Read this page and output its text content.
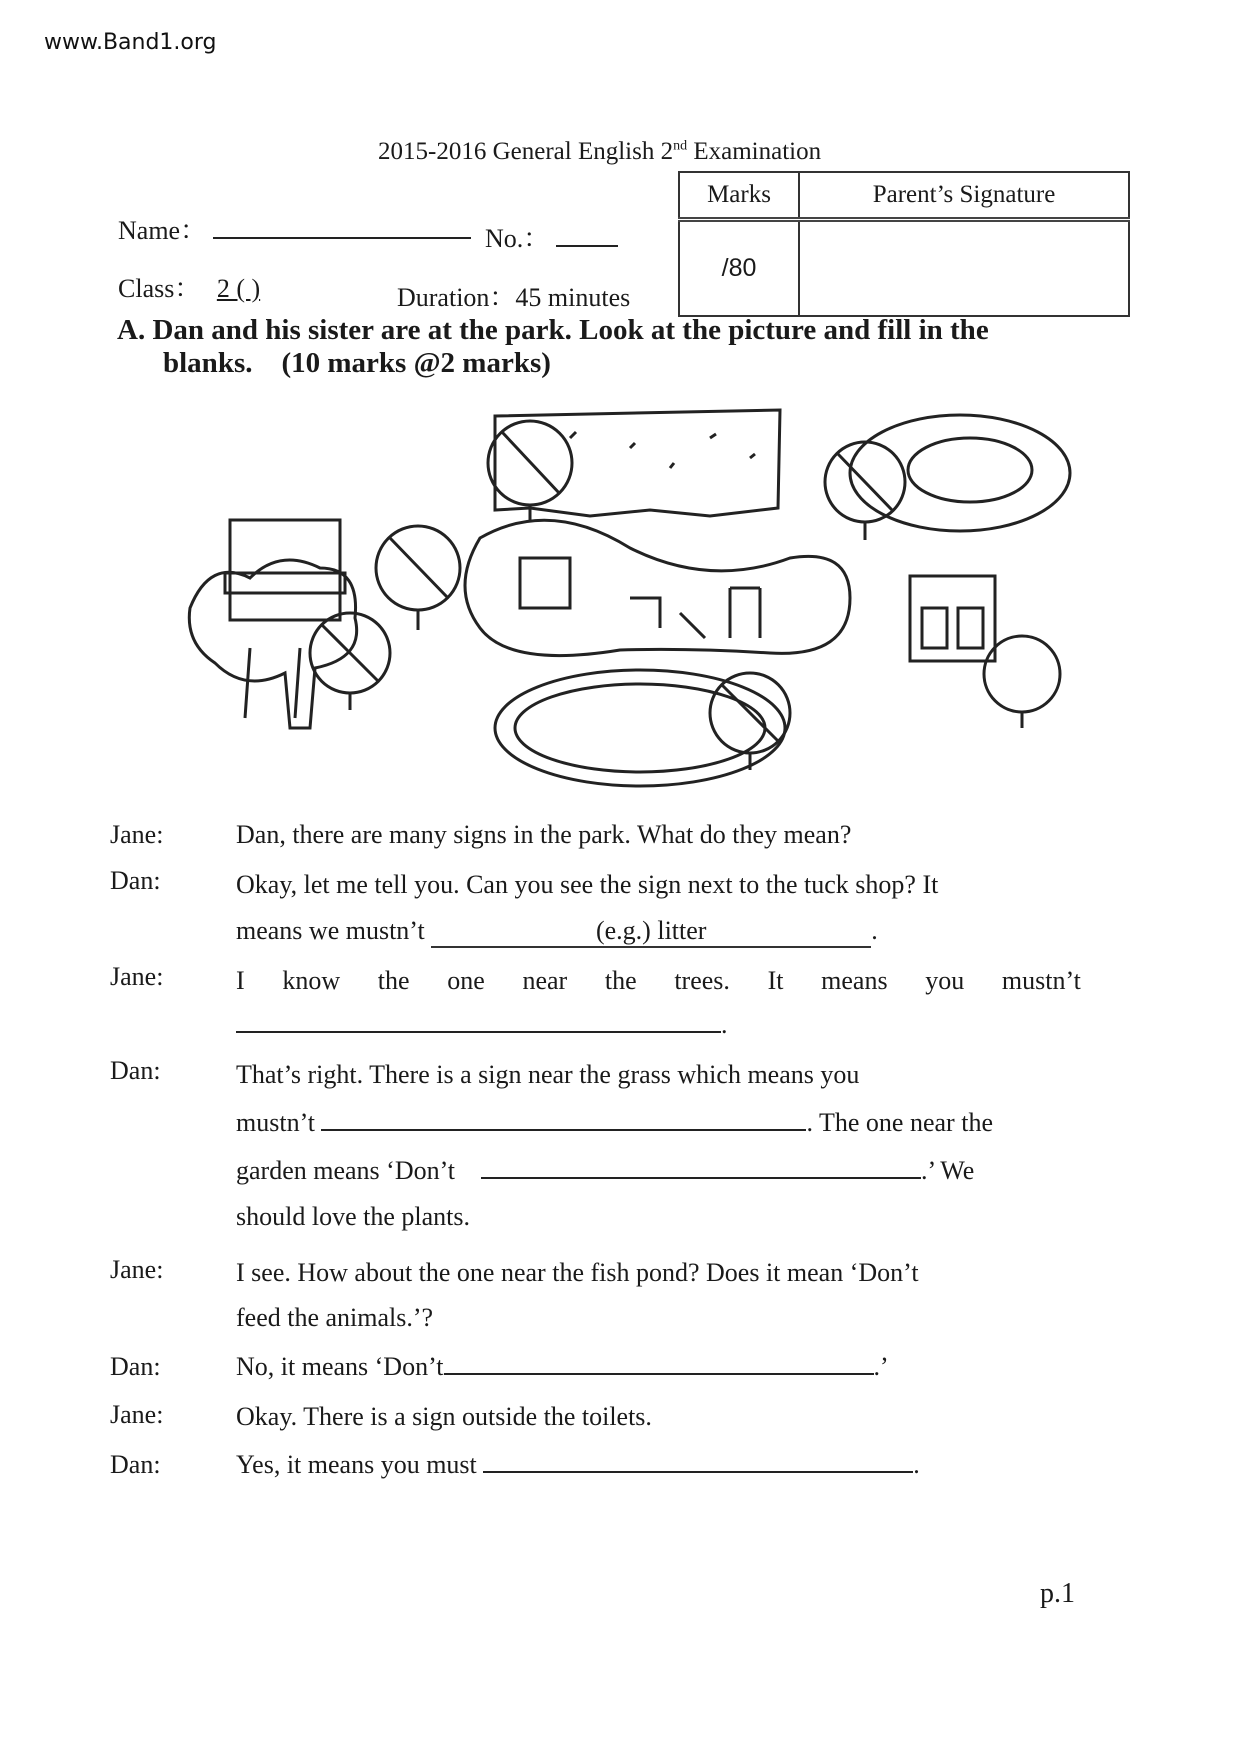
www.Band1.org
2015-2016 General English 2nd Examination
Name：	No.：
Class： 2 ( )	Duration：45 minutes
Marks	Parent’s Signature
/80	
A. Dan and his sister are at the park. Look at the picture and fill in the
blanks. (10 marks @2 marks)
Jane:	Dan, there are many signs in the park. What do they mean?
Dan:	Okay, let me tell you. Can you see the sign next to the tuck shop? It
means we mustn’t	(e.g.) litter	.
Jane:	I know the one near the trees. It means you mustn’t
.
Dan:	That’s right. There is a sign near the grass which means you
mustn’t	. The one near the
garden means ‘Don’t	.’ We
should love the plants.
Jane:	I see. How about the one near the fish pond? Does it mean ‘Don’t
feed the animals.’?
Dan:	No, it means ‘Don’t	.’
Jane:	Okay. There is a sign outside the toilets.
Dan:	Yes, it means you must	.
p.1
